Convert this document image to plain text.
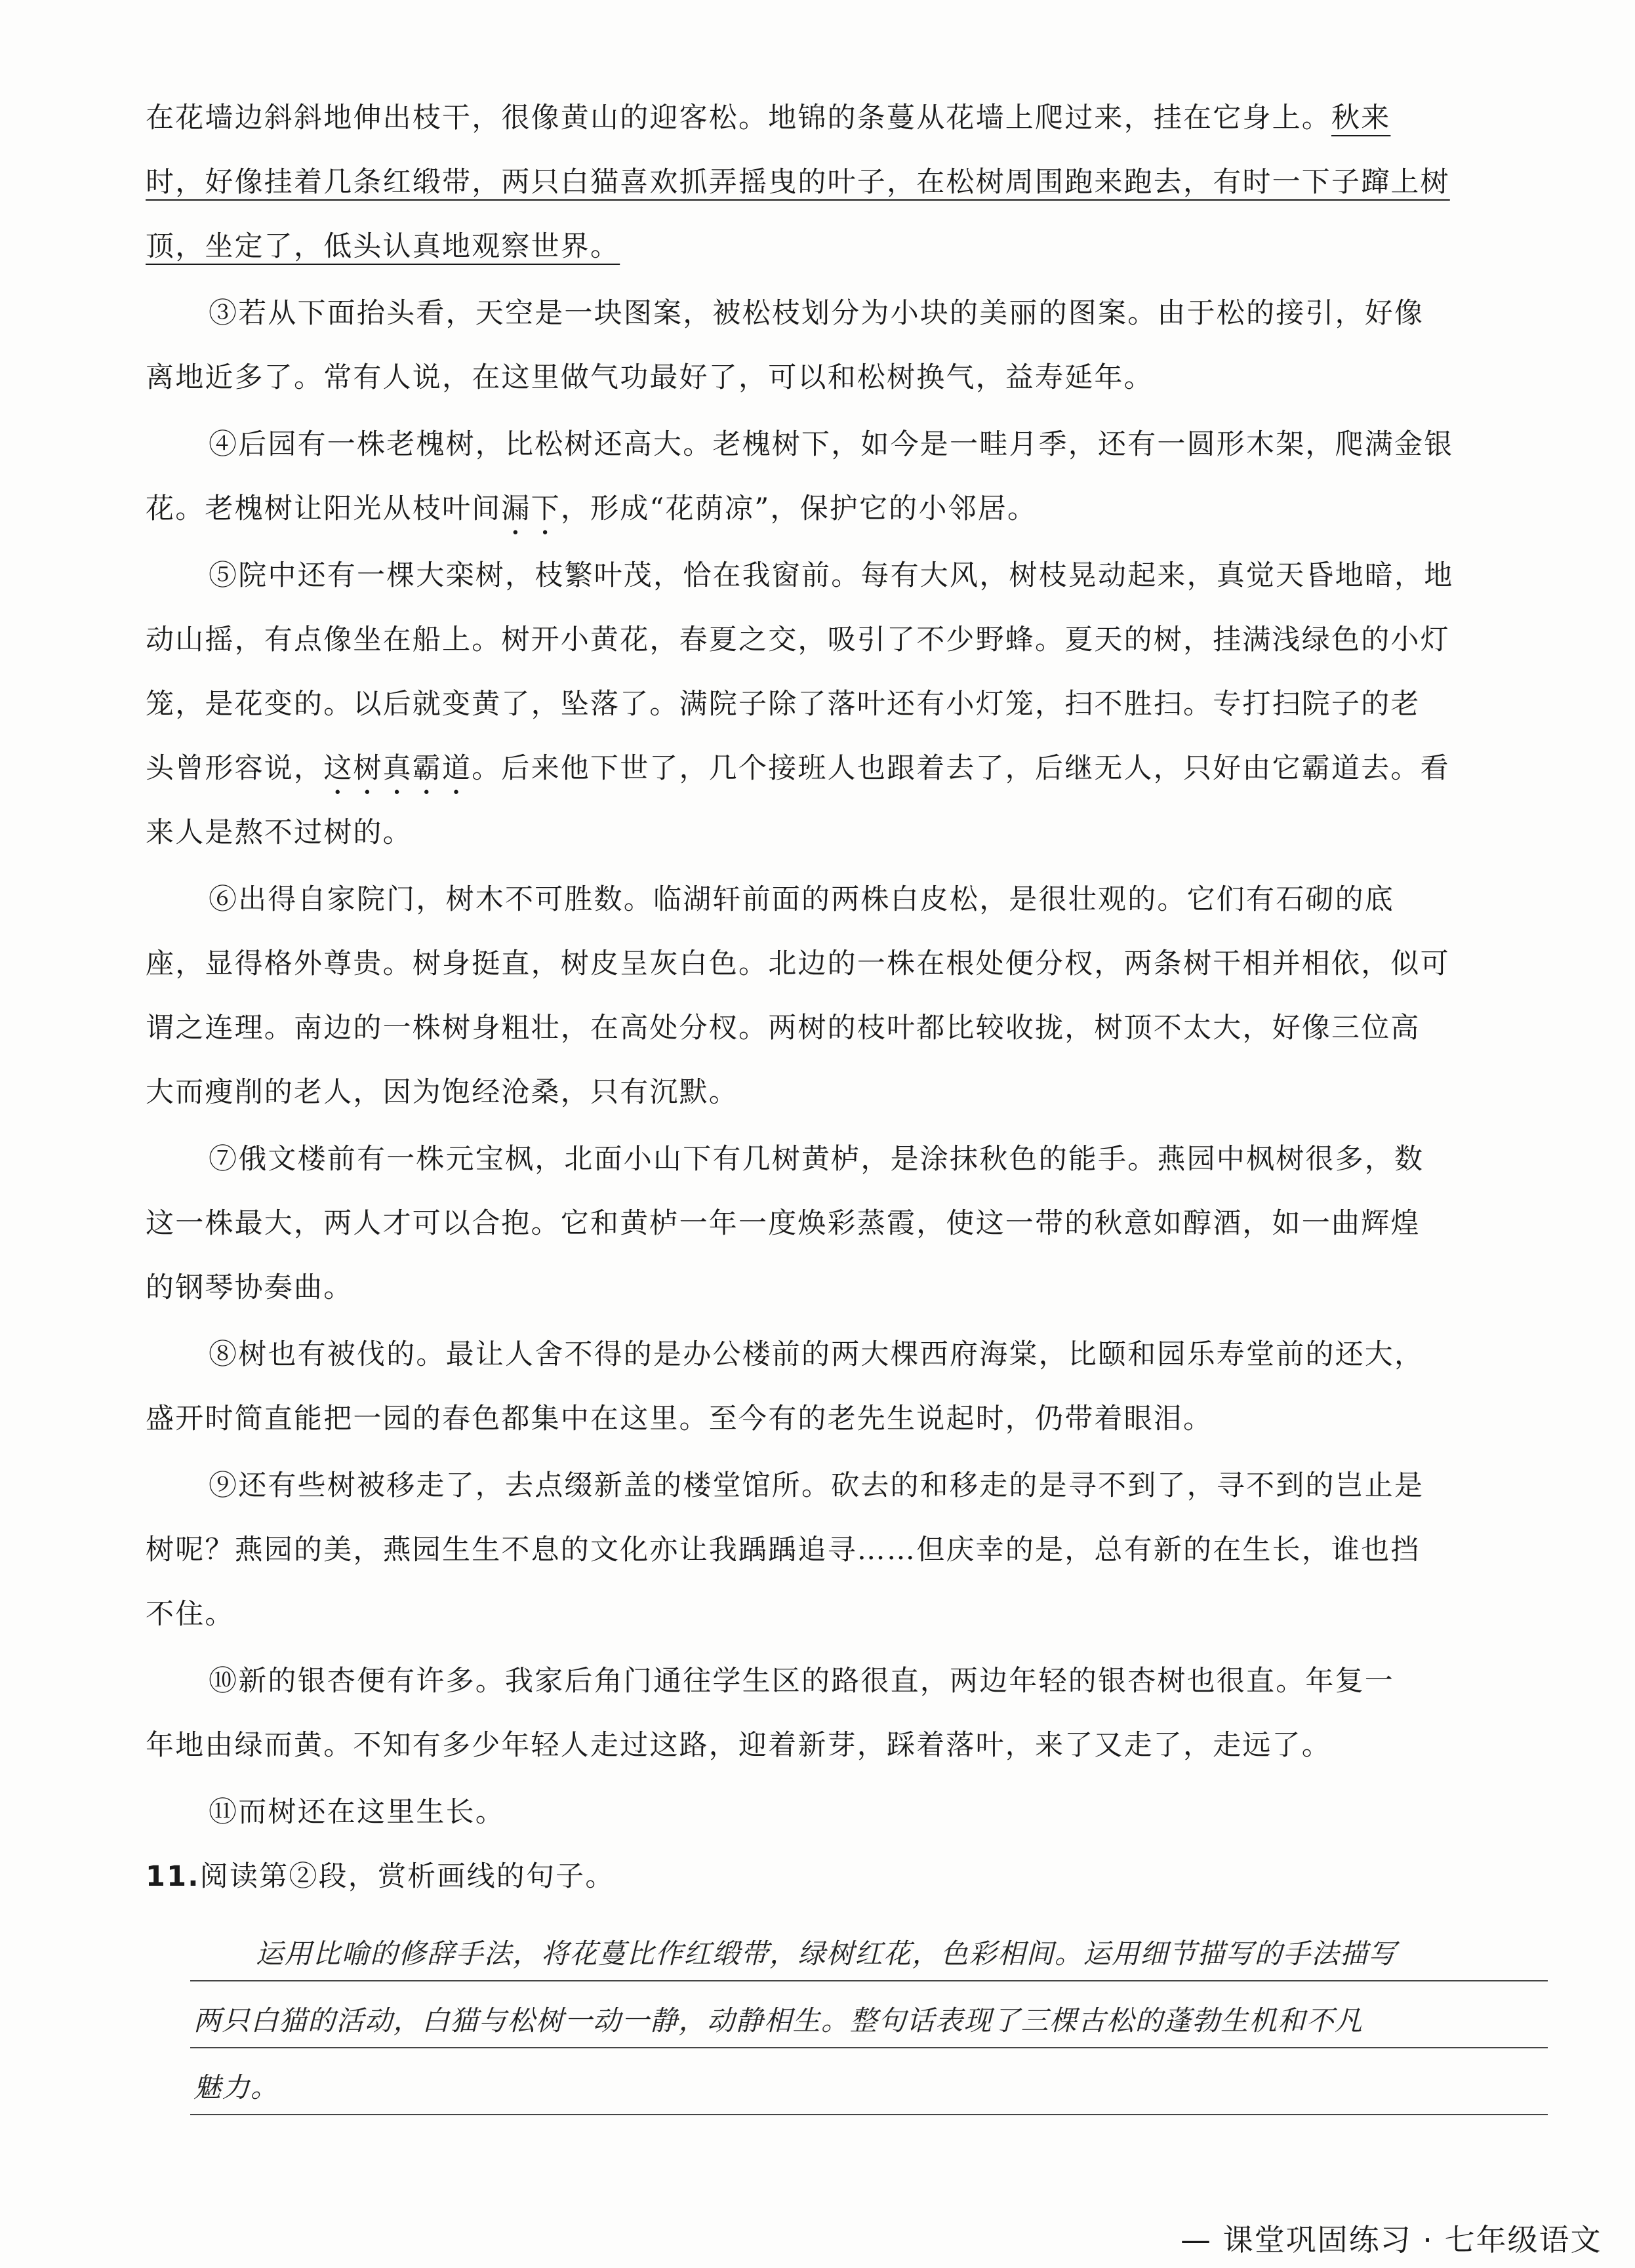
在花墙边斜斜地伸出枝干，很像黄山的迎客松。地锦的条蔓从花墙上爬过来，挂在它身上。秋来
时，好像挂着几条红缎带，两只白猫喜欢抓弄摇曳的叶子，在松树周围跑来跑去，有时一下子蹿上树
顶，坐定了，低头认真地观察世界。
③若从下面抬头看，天空是一块图案，被松枝划分为小块的美丽的图案。由于松的接引，好像
离地近多了。常有人说，在这里做气功最好了，可以和松树换气，益寿延年。
④后园有一株老槐树，比松树还高大。老槐树下，如今是一畦月季，还有一圆形木架，爬满金银
花。老槐树让阳光从枝叶间漏下，形成“花荫凉”，保护它的小邻居。
⑤院中还有一棵大栾树，枝繁叶茂，恰在我窗前。每有大风，树枝晃动起来，真觉天昏地暗，地
动山摇，有点像坐在船上。树开小黄花，春夏之交，吸引了不少野蜂。夏天的树，挂满浅绿色的小灯
笼，是花变的。以后就变黄了，坠落了。满院子除了落叶还有小灯笼，扫不胜扫。专打扫院子的老
头曾形容说，这树真霸道。后来他下世了，几个接班人也跟着去了，后继无人，只好由它霸道去。看
来人是熬不过树的。
⑥出得自家院门，树木不可胜数。临湖轩前面的两株白皮松，是很壮观的。它们有石砌的底
座，显得格外尊贵。树身挺直，树皮呈灰白色。北边的一株在根处便分杈，两条树干相并相依，似可
谓之连理。南边的一株树身粗壮，在高处分杈。两树的枝叶都比较收拢，树顶不太大，好像三位高
大而瘦削的老人，因为饱经沧桑，只有沉默。
⑦俄文楼前有一株元宝枫，北面小山下有几树黄栌，是涂抹秋色的能手。燕园中枫树很多，数
这一株最大，两人才可以合抱。它和黄栌一年一度焕彩蒸霞，使这一带的秋意如醇酒，如一曲辉煌
的钢琴协奏曲。
⑧树也有被伐的。最让人舍不得的是办公楼前的两大棵西府海棠，比颐和园乐寿堂前的还大，
盛开时简直能把一园的春色都集中在这里。至今有的老先生说起时，仍带着眼泪。
⑨还有些树被移走了，去点缀新盖的楼堂馆所。砍去的和移走的是寻不到了，寻不到的岂止是
树呢？燕园的美，燕园生生不息的文化亦让我踽踽追寻……但庆幸的是，总有新的在生长，谁也挡
不住。
⑩新的银杏便有许多。我家后角门通往学生区的路很直，两边年轻的银杏树也很直。年复一
年地由绿而黄。不知有多少年轻人走过这路，迎着新芽，踩着落叶，来了又走了，走远了。
⑪而树还在这里生长。
11.阅读第②段，赏析画线的句子。
运用比喻的修辞手法，将花蔓比作红缎带，绿树红花，色彩相间。运用细节描写的手法描写
两只白猫的活动，白猫与松树一动一静，动静相生。整句话表现了三棵古松的蓬勃生机和不凡
魅力。
— 课堂巩固练习 · 七年级语文
